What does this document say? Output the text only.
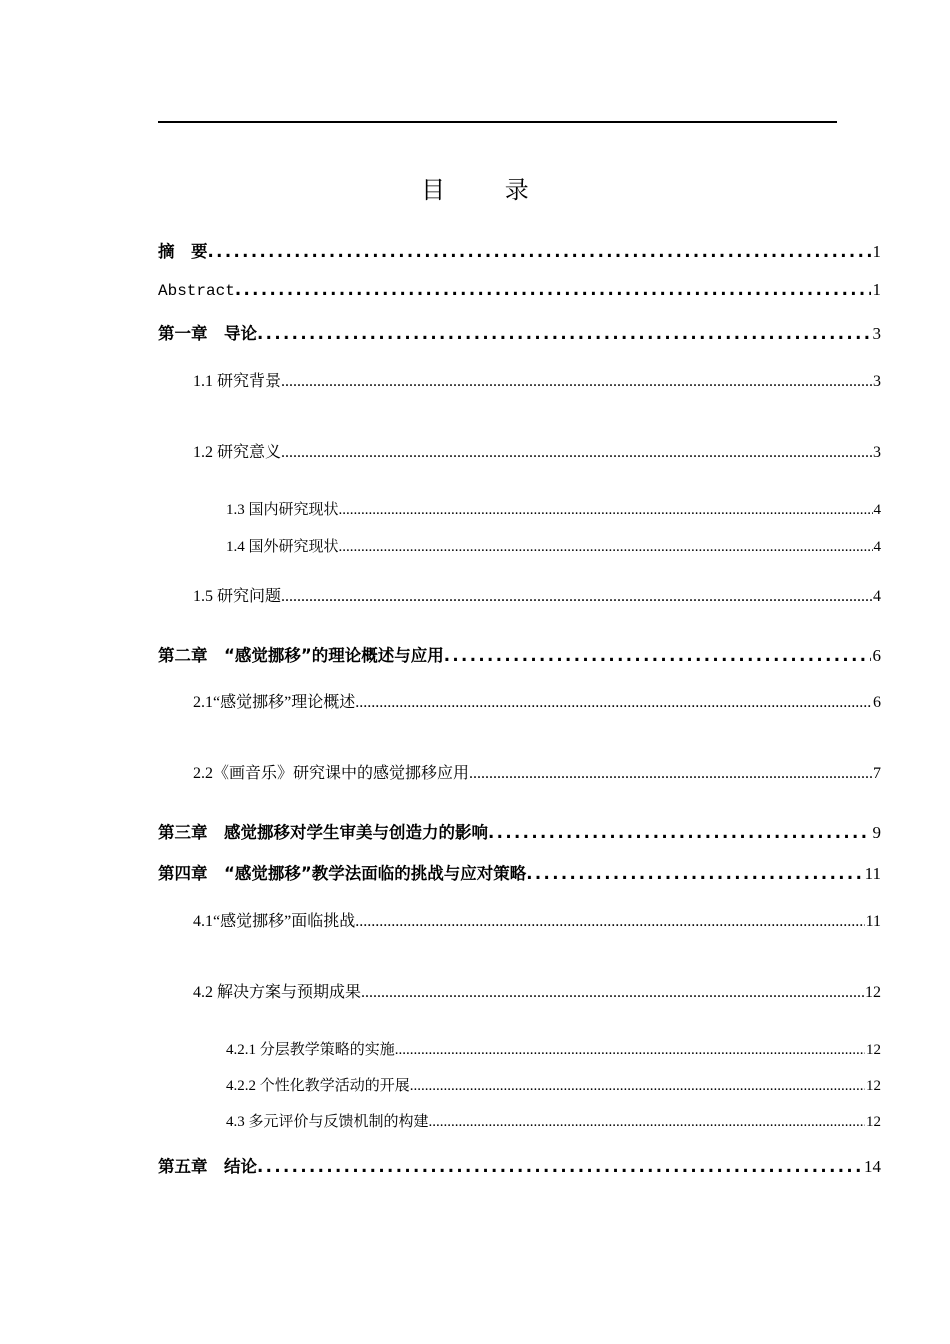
目 录
摘　要 .....	1
Abstract .....	1
第一章　导论 .....	3
1.1 研究背景 .....	3
1.2 研究意义 .....	3
1.3 国内研究现状 .....	4
1.4 国外研究现状 .....	4
1.5 研究问题 .....	4
第二章　“感觉挪移”的理论概述与应用 .....	6
2.1“感觉挪移”理论概述 .....	6
2.2《画音乐》研究课中的感觉挪移应用 .....	7
第三章　感觉挪移对学生审美与创造力的影响 .....	9
第四章　“感觉挪移”教学法面临的挑战与应对策略 .....	11
4.1“感觉挪移”面临挑战 .....	11
4.2 解决方案与预期成果 .....	12
4.2.1 分层教学策略的实施 .....	12
4.2.2 个性化教学活动的开展 .....	12
4.3 多元评价与反馈机制的构建 .....	12
第五章　结论 .....	14
